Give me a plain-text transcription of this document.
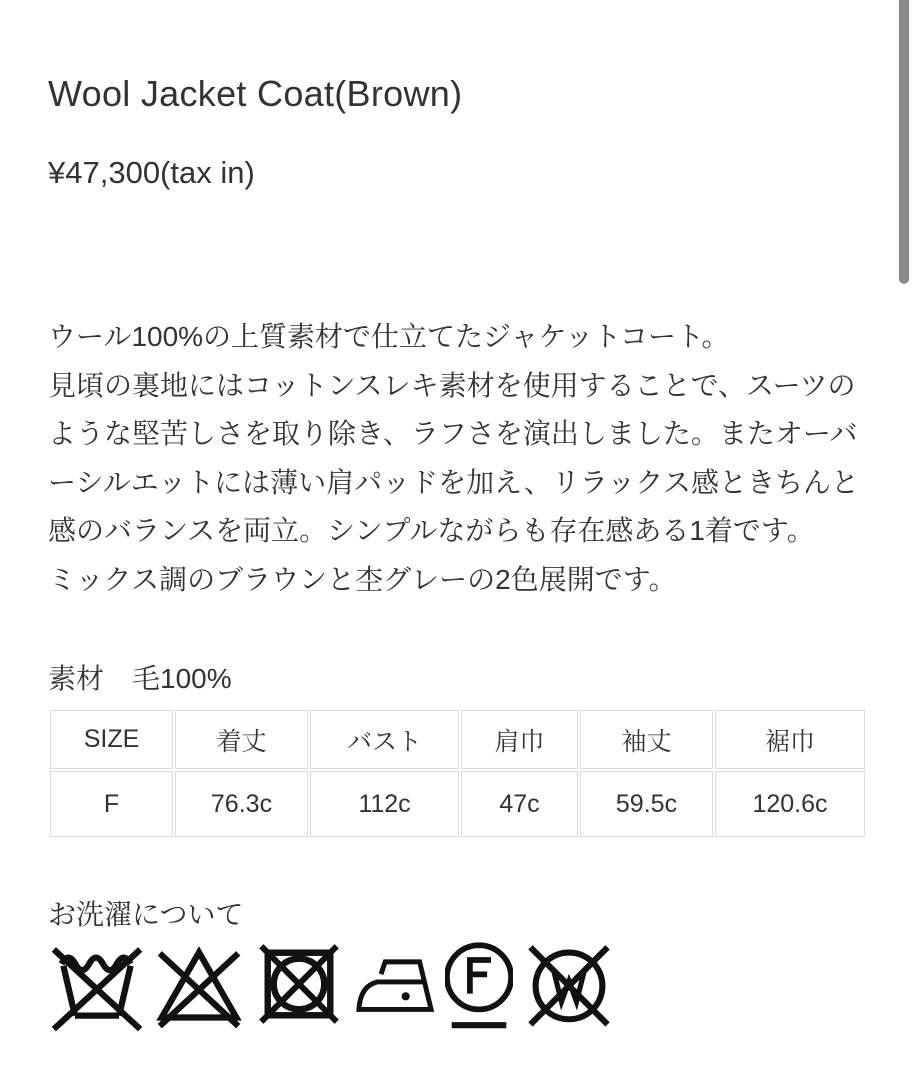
Wool Jacket Coat(Brown)
¥47,300(tax in)
ウール100%の上質素材で仕立てたジャケットコート。
見頃の裏地にはコットンスレキ素材を使用することで、スーツの
ような堅苦しさを取り除き、ラフさを演出しました。またオーバ
ーシルエットには薄い肩パッドを加え、リラックス感ときちんと
感のバランスを両立。シンプルながらも存在感ある1着です。
ミックス調のブラウンと杢グレーの2色展開です。
素材　毛100%
SIZE	着丈	バスト	肩巾	袖丈	裾巾
F	76.3c	112c	47c	59.5c	120.6c
お洗濯について
